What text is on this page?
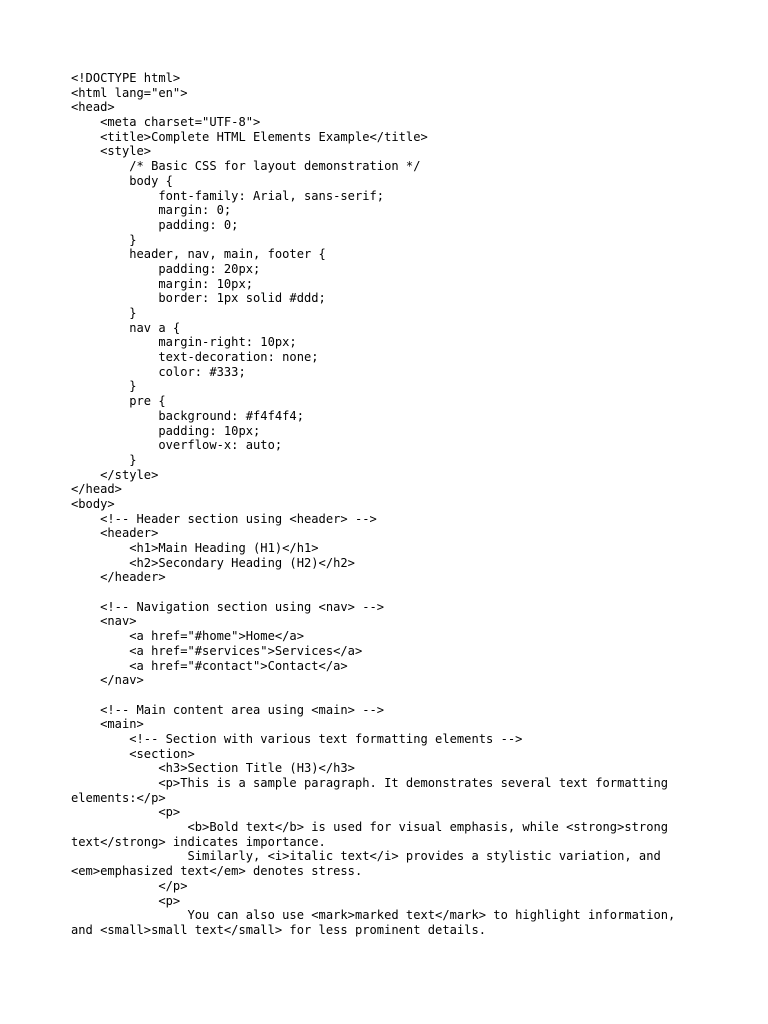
<!DOCTYPE html>
<html lang="en">
<head>
<meta charset="UTF-8">
<title>Complete HTML Elements Example</title>
<style>
/* Basic CSS for layout demonstration */
body {
font-family: Arial, sans-serif;
margin: 0;
padding: 0;
}
header, nav, main, footer {
padding: 20px;
margin: 10px;
border: 1px solid #ddd;
}
nav a {
margin-right: 10px;
text-decoration: none;
color: #333;
}
pre {
background: #f4f4f4;
padding: 10px;
overflow-x: auto;
}
</style>
</head>
<body>
<!-- Header section using <header> -->
<header>
<h1>Main Heading (H1)</h1>
<h2>Secondary Heading (H2)</h2>
</header>
<!-- Navigation section using <nav> -->
<nav>
<a href="#home">Home</a>
<a href="#services">Services</a>
<a href="#contact">Contact</a>
</nav>
<!-- Main content area using <main> -->
<main>
<!-- Section with various text formatting elements -->
<section>
<h3>Section Title (H3)</h3>
<p>This is a sample paragraph. It demonstrates several text formatting
elements:</p>
<p>
<b>Bold text</b> is used for visual emphasis, while <strong>strong
text</strong> indicates importance.
Similarly, <i>italic text</i> provides a stylistic variation, and
<em>emphasized text</em> denotes stress.
</p>
<p>
You can also use <mark>marked text</mark> to highlight information,
and <small>small text</small> for less prominent details.
